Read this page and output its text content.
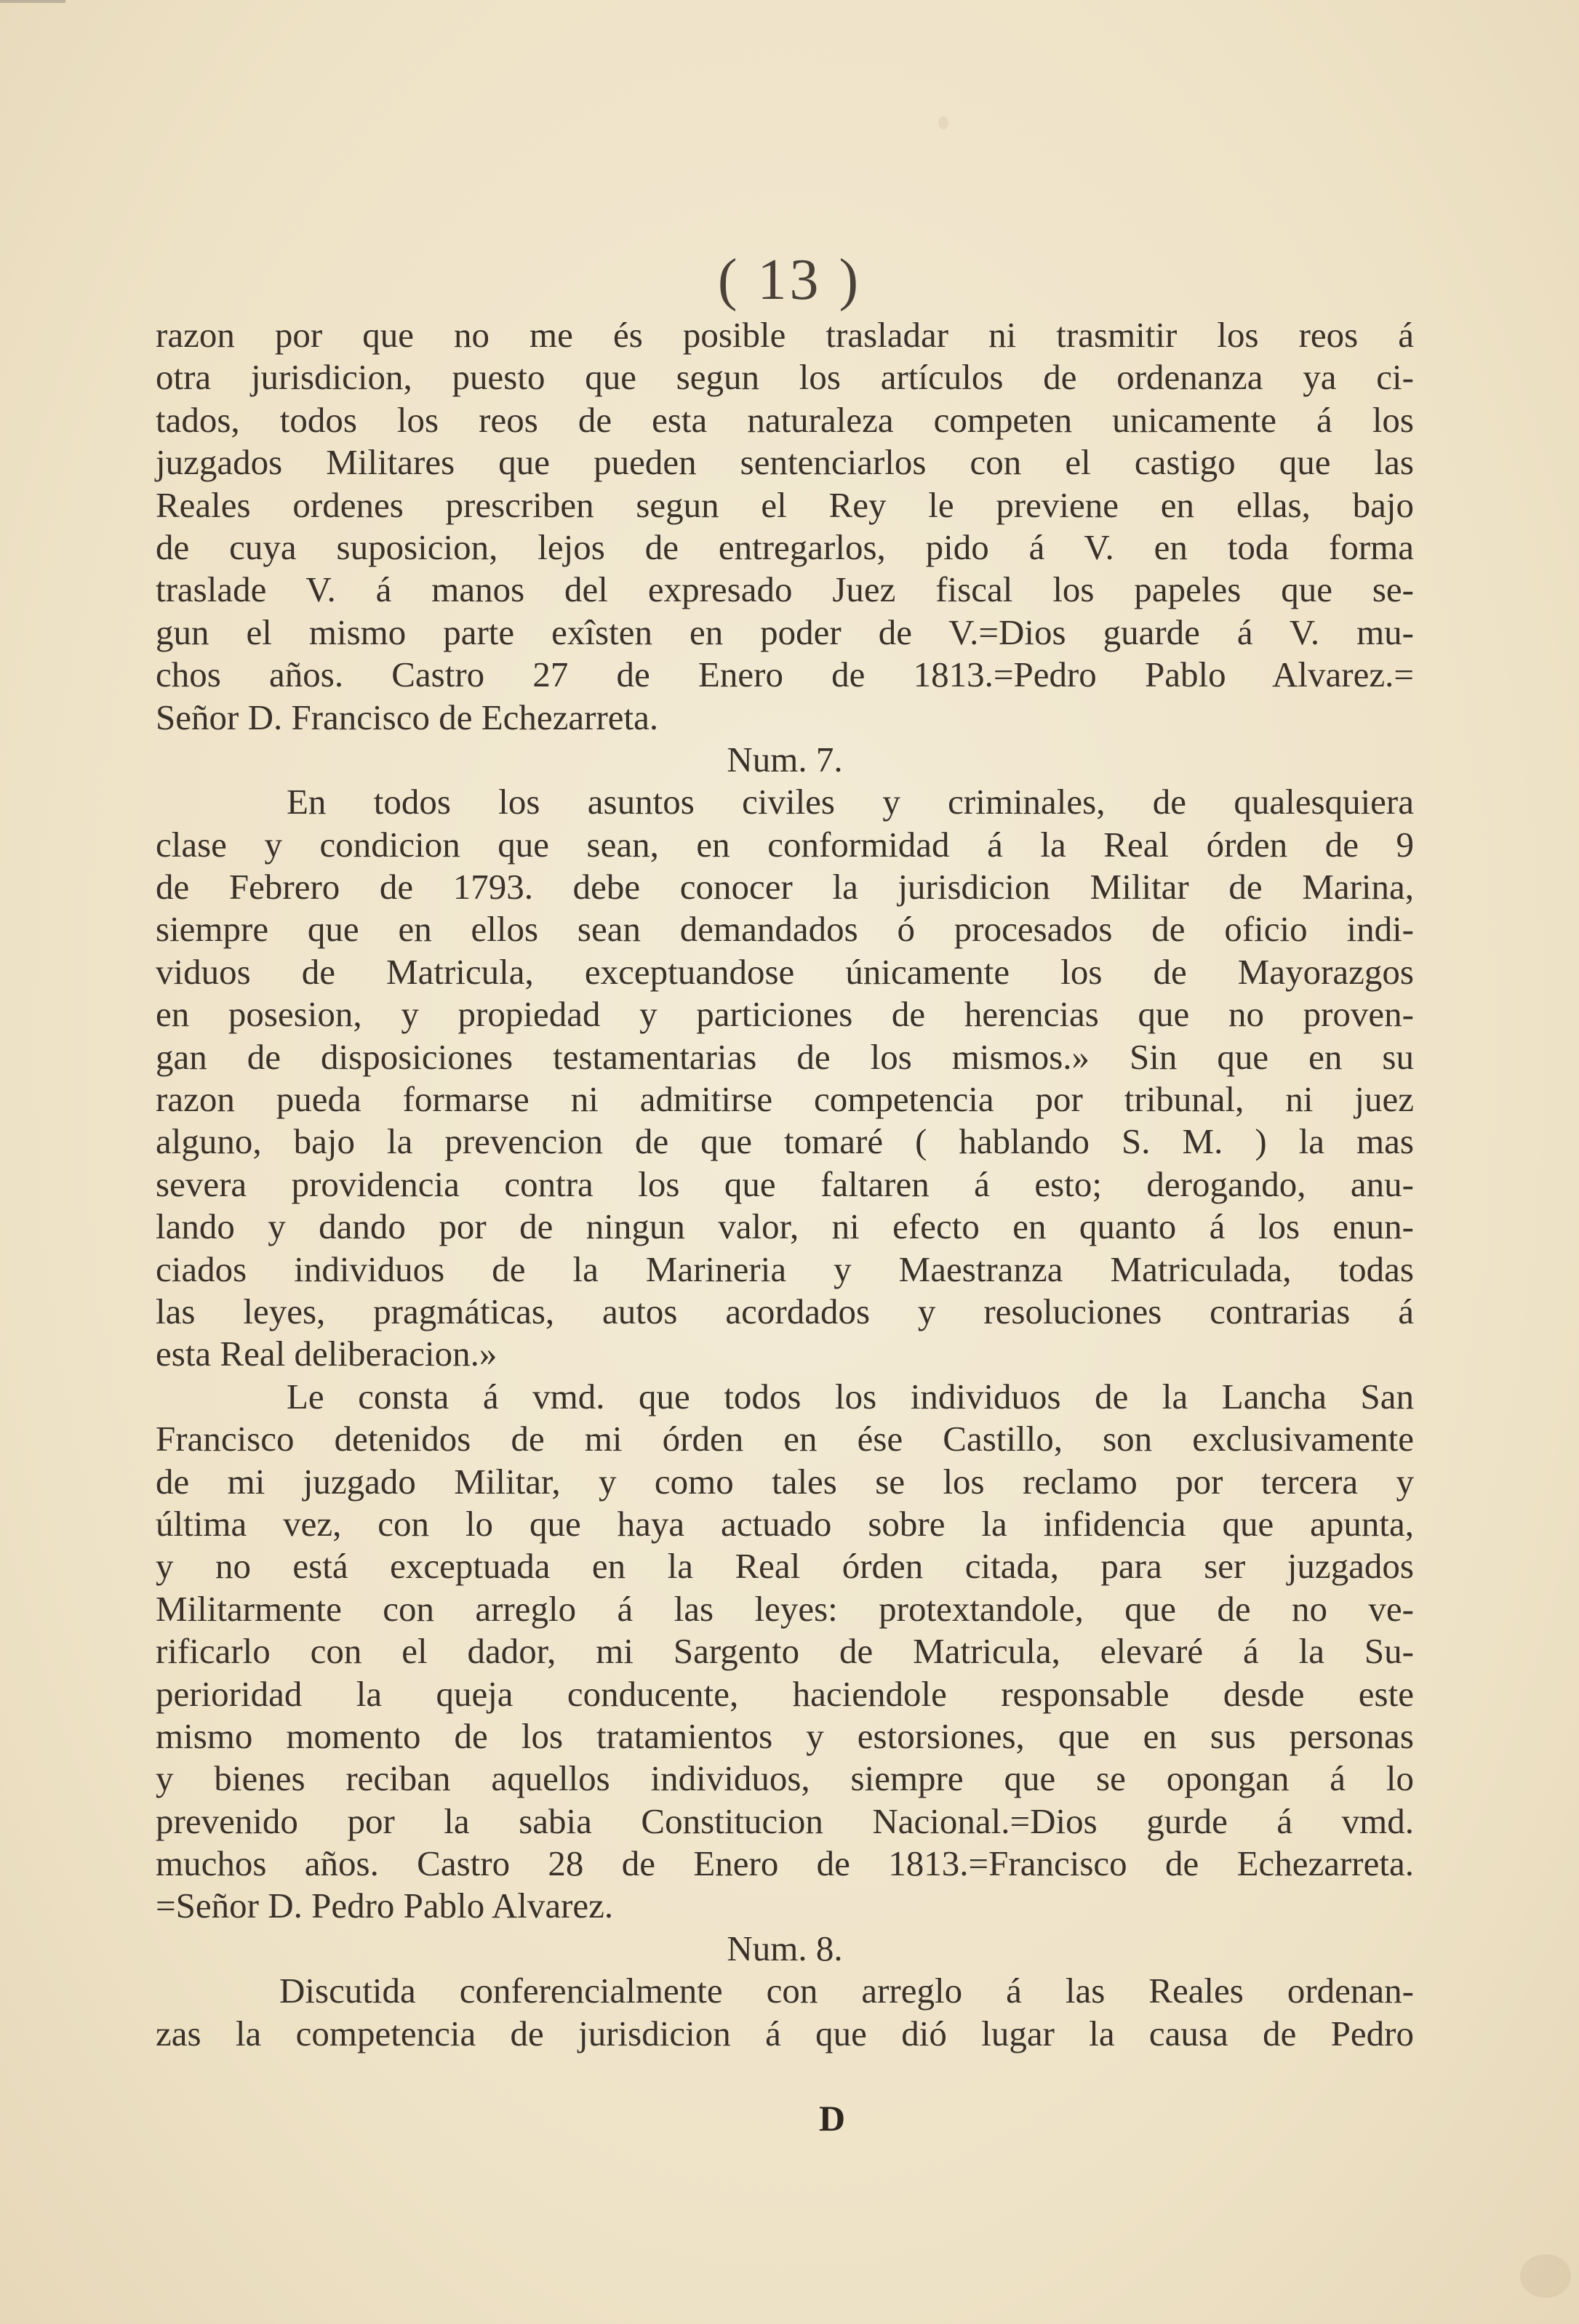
( 13 )
razon por que no me és posible trasladar ni trasmitir los reos á
otra jurisdicion, puesto que segun los artículos de ordenanza ya ci-
tados, todos los reos de esta naturaleza competen unicamente á los
juzgados Militares que pueden sentenciarlos con el castigo que las
Reales ordenes prescriben segun el Rey le previene en ellas, bajo
de cuya suposicion, lejos de entregarlos, pido á V. en toda forma
traslade V. á manos del expresado Juez fiscal los papeles que se-
gun el mismo parte exîsten en poder de V.=Dios guarde á V. mu-
chos años. Castro 27 de Enero de 1813.=Pedro Pablo Alvarez.=
Señor D. Francisco de Echezarreta.
Num. 7.
En todos los asuntos civiles y criminales, de qualesquiera
clase y condicion que sean, en conformidad á la Real órden de 9
de Febrero de 1793. debe conocer la jurisdicion Militar de Marina,
siempre que en ellos sean demandados ó procesados de oficio indi-
viduos de Matricula, exceptuandose únicamente los de Mayorazgos
en posesion, y propiedad y particiones de herencias que no proven-
gan de disposiciones testamentarias de los mismos.» Sin que en su
razon pueda formarse ni admitirse competencia por tribunal, ni juez
alguno, bajo la prevencion de que tomaré ( hablando S. M. ) la mas
severa providencia contra los que faltaren á esto; derogando, anu-
lando y dando por de ningun valor, ni efecto en quanto á los enun-
ciados individuos de la Marineria y Maestranza Matriculada, todas
las leyes, pragmáticas, autos acordados y resoluciones contrarias á
esta Real deliberacion.»
Le consta á vmd. que todos los individuos de la Lancha San
Francisco detenidos de mi órden en ése Castillo, son exclusivamente
de mi juzgado Militar, y como tales se los reclamo por tercera y
última vez, con lo que haya actuado sobre la infidencia que apunta,
y no está exceptuada en la Real órden citada, para ser juzgados
Militarmente con arreglo á las leyes: protextandole, que de no ve-
rificarlo con el dador, mi Sargento de Matricula, elevaré á la Su-
perioridad la queja conducente, haciendole responsable desde este
mismo momento de los tratamientos y estorsiones, que en sus personas
y bienes reciban aquellos individuos, siempre que se opongan á lo
prevenido por la sabia Constitucion Nacional.=Dios gurde á vmd.
muchos años. Castro 28 de Enero de 1813.=Francisco de Echezarreta.
=Señor D. Pedro Pablo Alvarez.
Num. 8.
Discutida conferencialmente con arreglo á las Reales ordenan-
zas la competencia de jurisdicion á que dió lugar la causa de Pedro
D
